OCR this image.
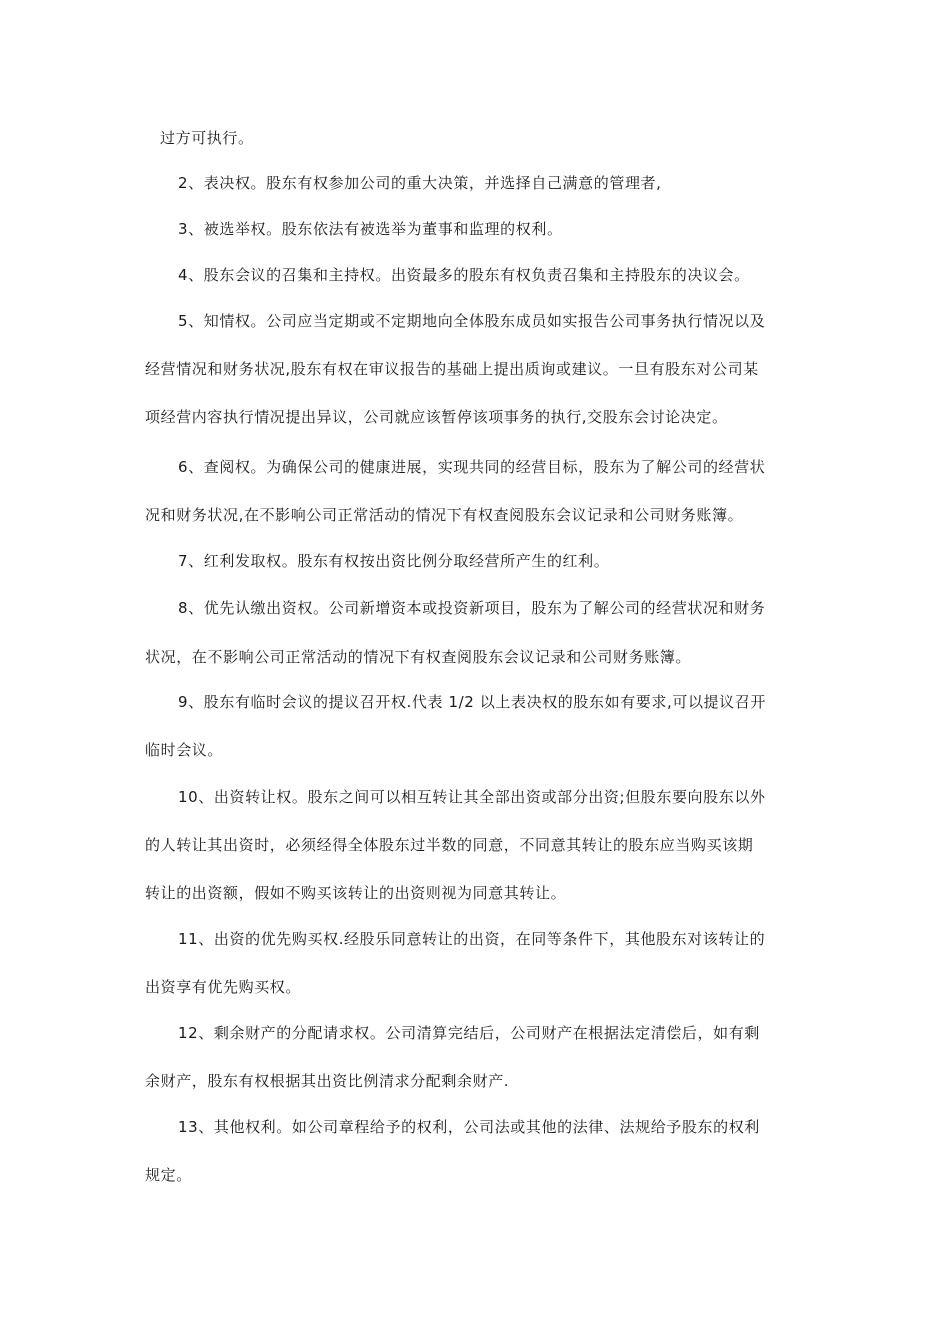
过方可执行。
2、表决权。股东有权参加公司的重大决策，并选择自己满意的管理者,
3、被选举权。股东依法有被选举为董事和监理的权利。
4、股东会议的召集和主持权。出资最多的股东有权负责召集和主持股东的决议会。
5、知情权。公司应当定期或不定期地向全体股东成员如实报告公司事务执行情况以及
经营情况和财务状况,股东有权在审议报告的基础上提出质询或建议。一旦有股东对公司某
项经营内容执行情况提出异议，公司就应该暂停该项事务的执行,交股东会讨论决定。
6、查阅权。为确保公司的健康进展，实现共同的经营目标，股东为了解公司的经营状
况和财务状况,在不影响公司正常活动的情况下有权查阅股东会议记录和公司财务账簿。
7、红利发取权。股东有权按出资比例分取经营所产生的红利。
8、优先认缴出资权。公司新增资本或投资新项目，股东为了解公司的经营状况和财务
状况，在不影响公司正常活动的情况下有权查阅股东会议记录和公司财务账簿。
9、股东有临时会议的提议召开权.代表 1/2 以上表决权的股东如有要求,可以提议召开
临时会议。
10、出资转让权。股东之间可以相互转让其全部出资或部分出资;但股东要向股东以外
的人转让其出资时，必须经得全体股东过半数的同意，不同意其转让的股东应当购买该期
转让的出资额，假如不购买该转让的出资则视为同意其转让。
11、出资的优先购买权.经股乐同意转让的出资，在同等条件下，其他股东对该转让的
出资享有优先购买权。
12、剩余财产的分配请求权。公司清算完结后，公司财产在根据法定清偿后，如有剩
余财产，股东有权根据其出资比例清求分配剩余财产.
13、其他权利。如公司章程给予的权利，公司法或其他的法律、法规给予股东的权利
规定。
